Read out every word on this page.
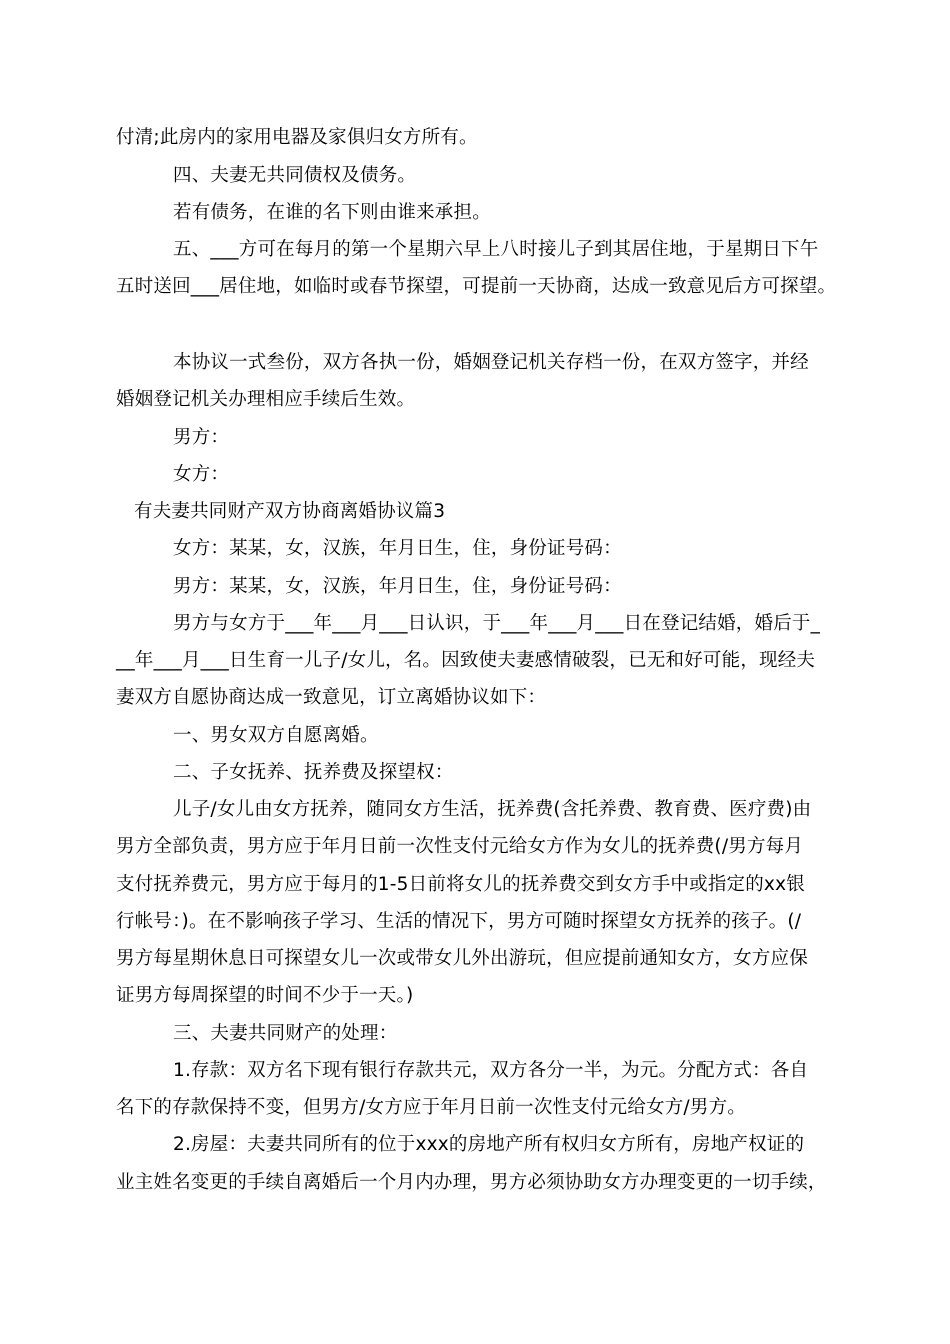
付清;此房内的家用电器及家俱归女方所有。
四、夫妻无共同债权及债务。
若有债务，在谁的名下则由谁来承担。
五、___方可在每月的第一个星期六早上八时接儿子到其居住地，于星期日下午
五时送回___居住地，如临时或春节探望，可提前一天协商，达成一致意见后方可探望。
本协议一式叁份，双方各执一份，婚姻登记机关存档一份，在双方签字，并经
婚姻登记机关办理相应手续后生效。
男方：
女方：
有夫妻共同财产双方协商离婚协议篇3
女方：某某，女，汉族，年月日生，住，身份证号码：
男方：某某，女，汉族，年月日生，住，身份证号码：
男方与女方于___年___月___日认识，于___年___月___日在登记结婚，婚后于_
__年___月___日生育一儿子/女儿，名。因致使夫妻感情破裂，已无和好可能，现经夫
妻双方自愿协商达成一致意见，订立离婚协议如下：
一、男女双方自愿离婚。
二、子女抚养、抚养费及探望权：
儿子/女儿由女方抚养，随同女方生活，抚养费(含托养费、教育费、医疗费)由
男方全部负责，男方应于年月日前一次性支付元给女方作为女儿的抚养费(/男方每月
支付抚养费元，男方应于每月的1-5日前将女儿的抚养费交到女方手中或指定的xx银
行帐号：)。在不影响孩子学习、生活的情况下，男方可随时探望女方抚养的孩子。(/
男方每星期休息日可探望女儿一次或带女儿外出游玩，但应提前通知女方，女方应保
证男方每周探望的时间不少于一天。)
三、夫妻共同财产的处理：
1.存款：双方名下现有银行存款共元，双方各分一半，为元。分配方式：各自
名下的存款保持不变，但男方/女方应于年月日前一次性支付元给女方/男方。
2.房屋：夫妻共同所有的位于xxx的房地产所有权归女方所有，房地产权证的
业主姓名变更的手续自离婚后一个月内办理，男方必须协助女方办理变更的一切手续，
